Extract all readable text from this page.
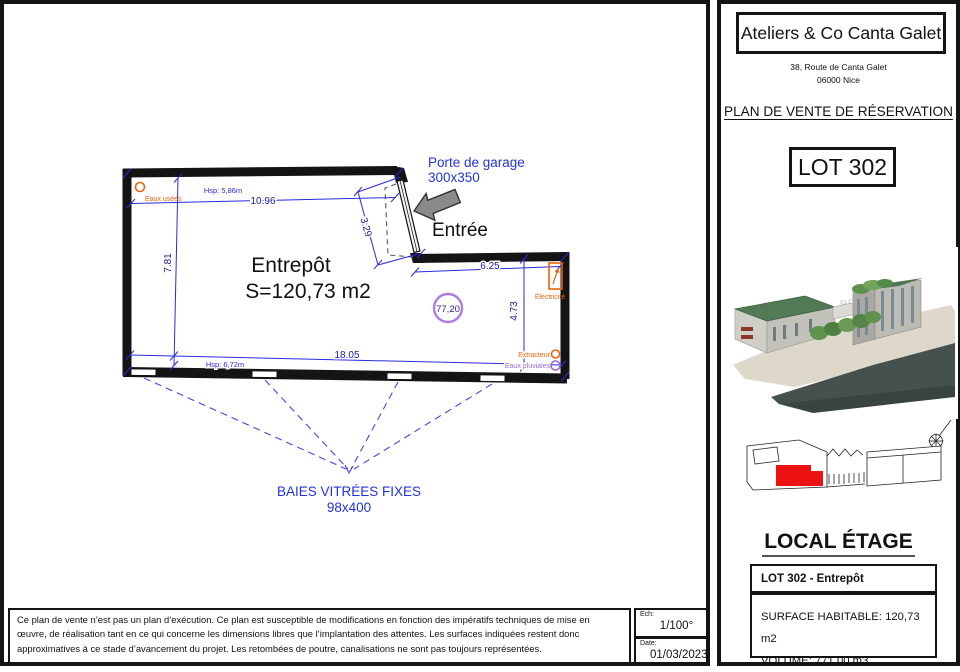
10.96
7.81
3.29
6.25
4.73
18.05
Hsp: 5,86m
Hsp: 6,72m
Entrepôt
S=120,73 m2
Porte de garage
300x350
Entrée
Eaux usées
Électricité
Extracteur
Eaux pluviales
77,20
BAIES VITRÉES FIXES
98x400
Ce plan de vente n’est pas un plan d’exécution. Ce plan est susceptible de modifications en fonction des impératifs techniques de mise en œuvre, de réalisation tant en ce qui concerne les dimensions libres que l’implantation des attentes. Les surfaces indiquées restent donc approximatives à ce stade d’avancement du projet. Les retombées de poutre, canalisations ne sont pas toujours représentées.
Ech:
1/100°
Date:
01/03/2023
Ateliers & Co Canta Galet
38, Route de Canta Galet
06000 Nice
PLAN DE VENTE DE RÉSERVATION
LOT 302
LOCAL ÉTAGE
LOT 302 - Entrepôt
SURFACE HABITABLE: 120,73 m2
VOLUME: 771,00 m3
